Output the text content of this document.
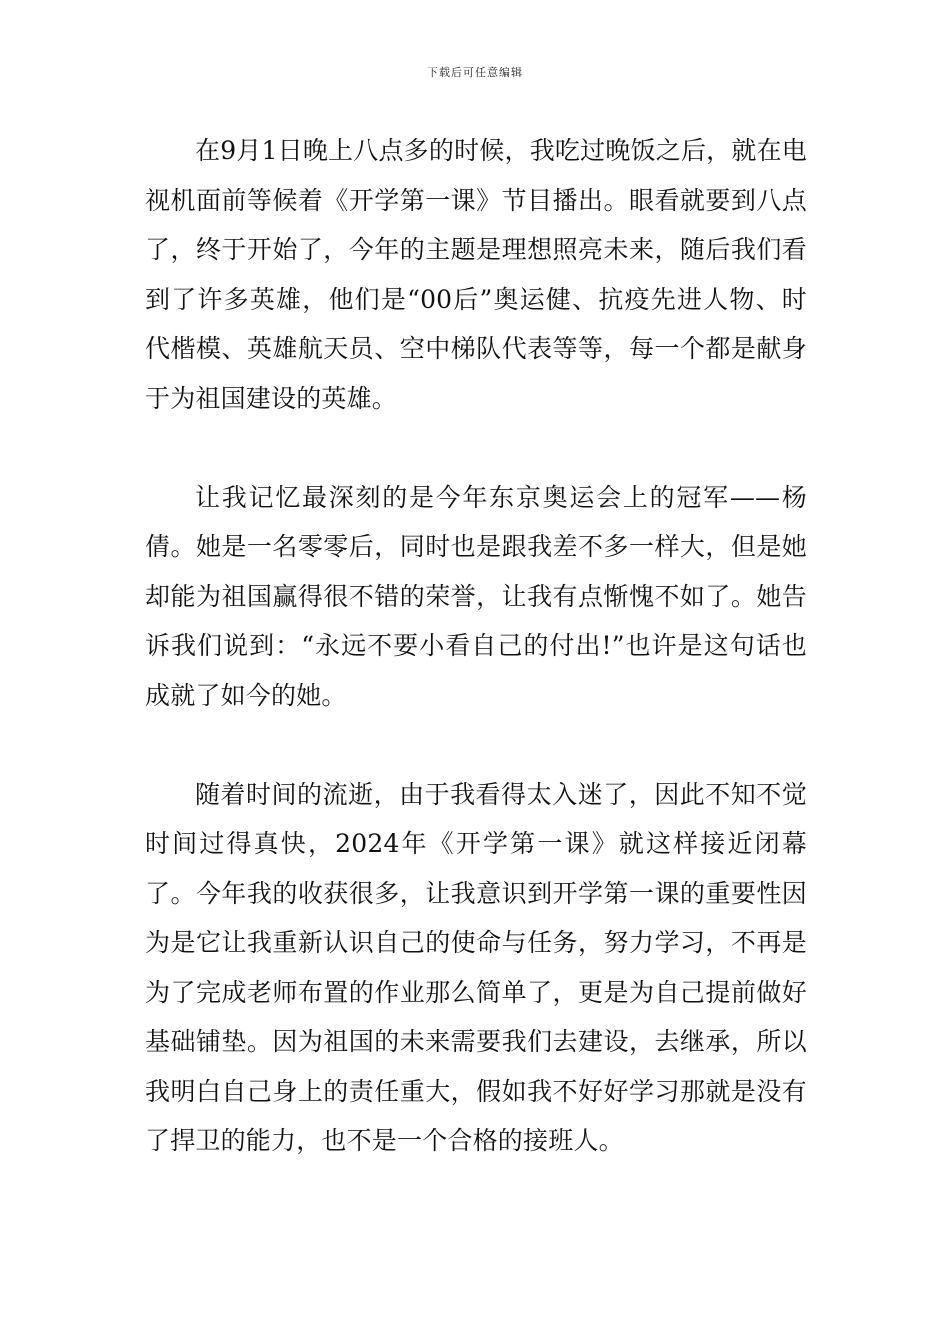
下载后可任意编辑

在9月1日晚上八点多的时候，我吃过晚饭之后，就在电视机面前等候着《开学第一课》节目播出。眼看就要到八点了，终于开始了，今年的主题是理想照亮未来，随后我们看到了许多英雄，他们是“00后”奥运健、抗疫先进人物、时代楷模、英雄航天员、空中梯队代表等等，每一个都是献身于为祖国建设的英雄。

让我记忆最深刻的是今年东京奥运会上的冠军——杨倩。她是一名零零后，同时也是跟我差不多一样大，但是她却能为祖国赢得很不错的荣誉，让我有点惭愧不如了。她告诉我们说到：“永远不要小看自己的付出!”也许是这句话也成就了如今的她。

随着时间的流逝，由于我看得太入迷了，因此不知不觉时间过得真快，2024年《开学第一课》就这样接近闭幕了。今年我的收获很多，让我意识到开学第一课的重要性因为是它让我重新认识自己的使命与任务，努力学习，不再是为了完成老师布置的作业那么简单了，更是为自己提前做好基础铺垫。因为祖国的未来需要我们去建设，去继承，所以我明白自己身上的责任重大，假如我不好好学习那就是没有了捍卫的能力，也不是一个合格的接班人。
